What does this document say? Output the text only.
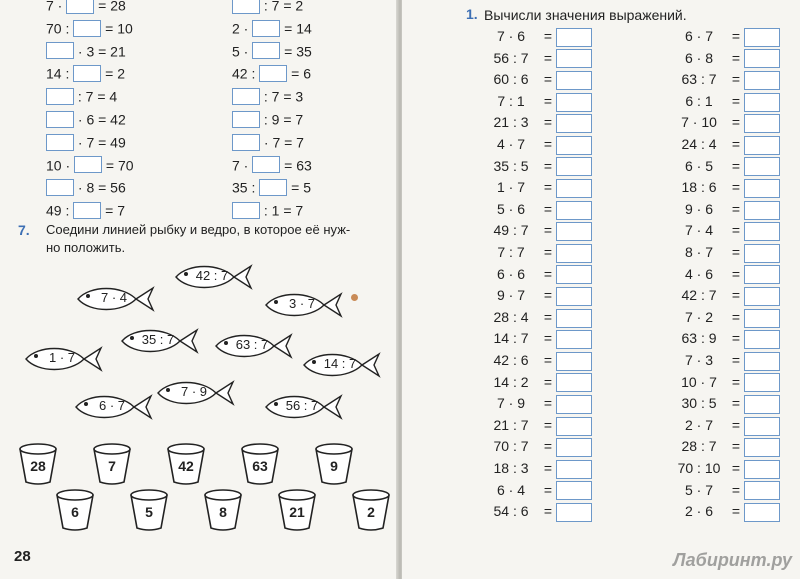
7 ·  = 28
70 :  = 10
· 3 = 21
14 :  = 2
: 7 = 4
· 6 = 42
· 7 = 49
10 ·  = 70
· 8 = 56
49 :  = 7
: 7 = 2
2 ·  = 14
5 ·  = 35
42 :  = 6
: 7 = 3
: 9 = 7
· 7 = 7
7 ·  = 63
35 :  = 5
: 1 = 7
7. Соедини линией рыбку и ведро, в которое её нуж-
но положить.
42 : 7
7 · 4	3 · 7
35 : 7	63 : 7
1 · 7	14 : 7
7 · 9
6 · 7	56 : 7
28	7	42	63	9
6	5	8	21	2
28
1. Вычисли значения выражений.
7 · 6 =
56 : 7 =
60 : 6 =
7 : 1 =
21 : 3 =
4 · 7 =
35 : 5 =
1 · 7 =
5 · 6 =
49 : 7 =
7 : 7 =
6 · 6 =
9 · 7 =
28 : 4 =
14 : 7 =
42 : 6 =
14 : 2 =
7 · 9 =
21 : 7 =
70 : 7 =
18 : 3 =
6 · 4 =
54 : 6 =
6 · 7 =
6 · 8 =
63 : 7 =
6 : 1 =
7 · 10 =
24 : 4 =
6 · 5 =
18 : 6 =
9 · 6 =
7 · 4 =
8 · 7 =
4 · 6 =
42 : 7 =
7 · 2 =
63 : 9 =
7 · 3 =
10 · 7 =
30 : 5 =
2 · 7 =
28 : 7 =
70 : 10 =
5 · 7 =
2 · 6 =
Лабиринт.ру
